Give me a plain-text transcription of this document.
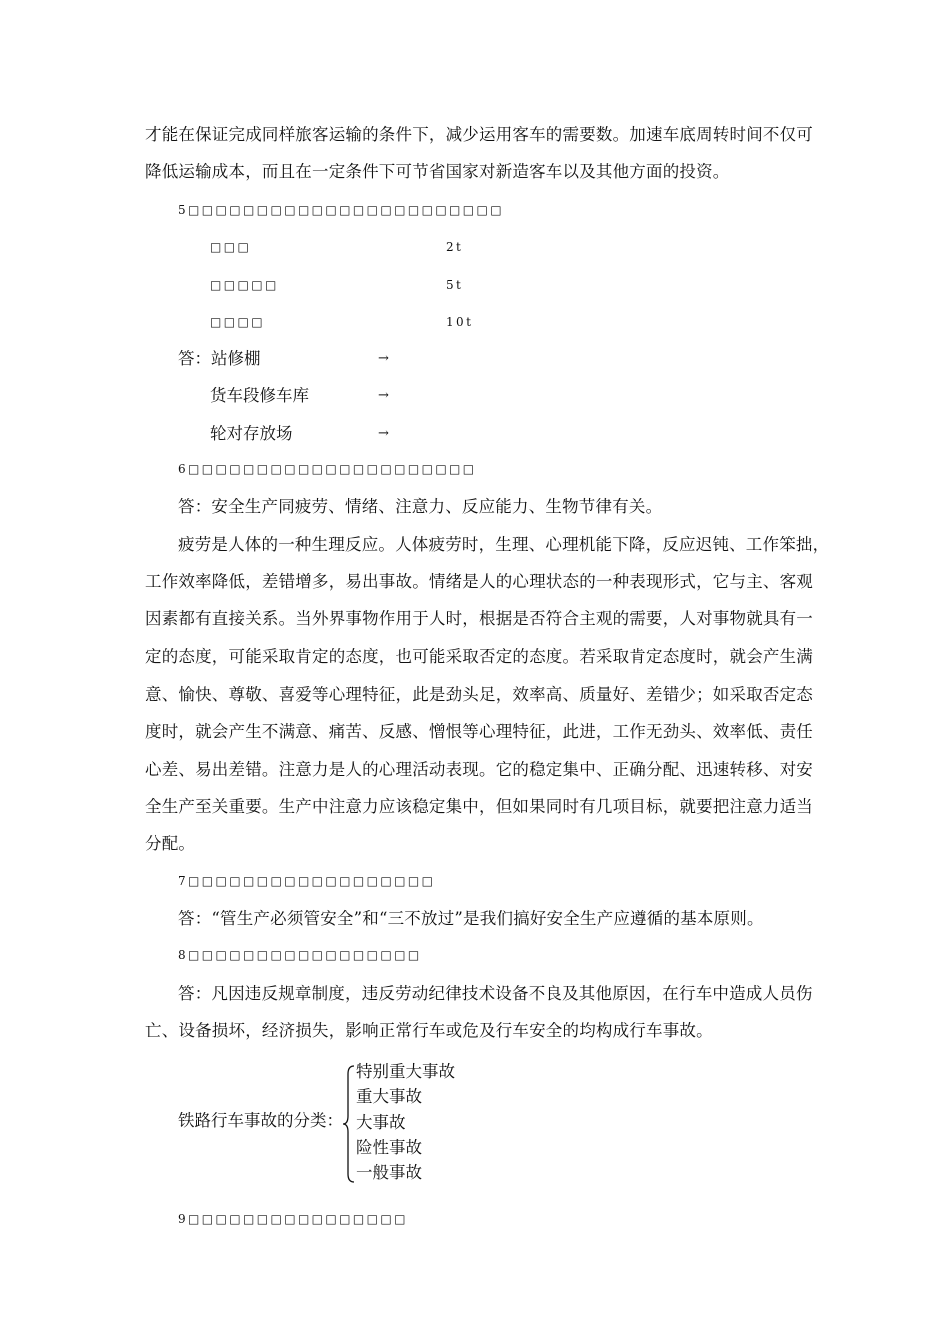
才能在保证完成同样旅客运输的条件下，减少运用客车的需要数。加速车底周转时间不仅可
降低运输成本，而且在一定条件下可节省国家对新造客车以及其他方面的投资。
5□□□□□□□□□□□□□□□□□□□□□□□
□□□	2t
□□□□□	5t
□□□□	10t
答：站修棚	→
货车段修车库	→
轮对存放场	→
6□□□□□□□□□□□□□□□□□□□□□
答：安全生产同疲劳、情绪、注意力、反应能力、生物节律有关。
疲劳是人体的一种生理反应。人体疲劳时，生理、心理机能下降，反应迟钝、工作笨拙，
工作效率降低，差错增多，易出事故。情绪是人的心理状态的一种表现形式，它与主、客观
因素都有直接关系。当外界事物作用于人时，根据是否符合主观的需要，人对事物就具有一
定的态度，可能采取肯定的态度，也可能采取否定的态度。若采取肯定态度时，就会产生满
意、愉快、尊敬、喜爱等心理特征，此是劲头足，效率高、质量好、差错少；如采取否定态
度时，就会产生不满意、痛苦、反感、憎恨等心理特征，此进，工作无劲头、效率低、责任
心差、易出差错。注意力是人的心理活动表现。它的稳定集中、正确分配、迅速转移、对安
全生产至关重要。生产中注意力应该稳定集中，但如果同时有几项目标，就要把注意力适当
分配。
7□□□□□□□□□□□□□□□□□□
答：“管生产必须管安全”和“三不放过”是我们搞好安全生产应遵循的基本原则。
8□□□□□□□□□□□□□□□□□
答：凡因违反规章制度，违反劳动纪律技术设备不良及其他原因，在行车中造成人员伤
亡、设备损坏，经济损失，影响正常行车或危及行车安全的均构成行车事故。
铁路行车事故的分类：
特别重大事故
重大事故
大事故
险性事故
一般事故
9□□□□□□□□□□□□□□□□
